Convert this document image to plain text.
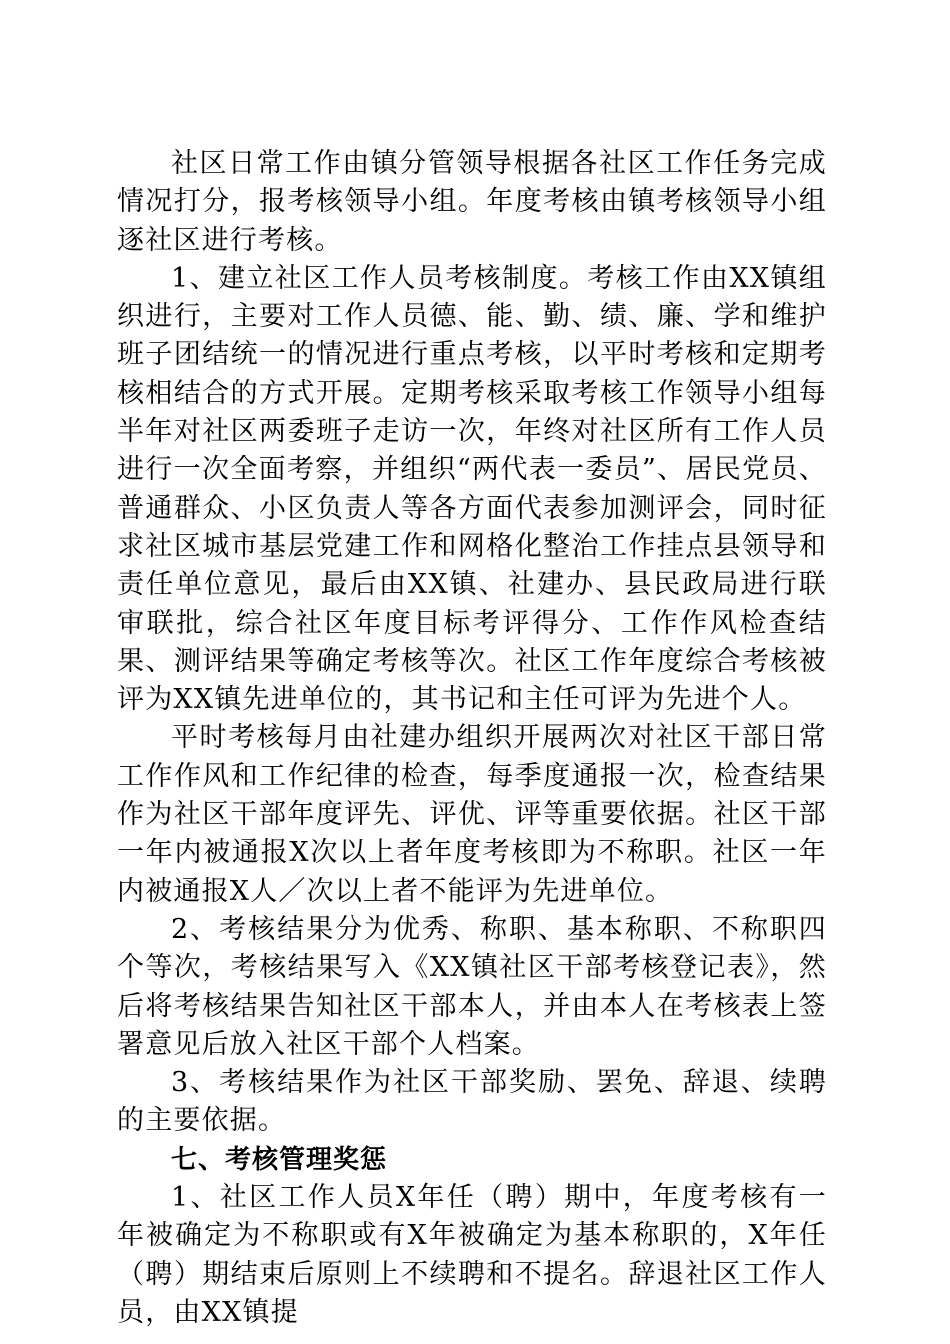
社区日常工作由镇分管领导根据各社区工作任务完成情况打分，报考核领导小组。年度考核由镇考核领导小组逐社区进行考核。

1、建立社区工作人员考核制度。考核工作由XX镇组织进行，主要对工作人员德、能、勤、绩、廉、学和维护班子团结统一的情况进行重点考核，以平时考核和定期考核相结合的方式开展。定期考核采取考核工作领导小组每半年对社区两委班子走访一次，年终对社区所有工作人员进行一次全面考察，并组织“两代表一委员”、居民党员、普通群众、小区负责人等各方面代表参加测评会，同时征求社区城市基层党建工作和网格化整治工作挂点县领导和责任单位意见，最后由XX镇、社建办、县民政局进行联审联批，综合社区年度目标考评得分、工作作风检查结果、测评结果等确定考核等次。社区工作年度综合考核被评为XX镇先进单位的，其书记和主任可评为先进个人。

平时考核每月由社建办组织开展两次对社区干部日常工作作风和工作纪律的检查，每季度通报一次，检查结果作为社区干部年度评先、评优、评等重要依据。社区干部一年内被通报X次以上者年度考核即为不称职。社区一年内被通报X人／次以上者不能评为先进单位。

2、考核结果分为优秀、称职、基本称职、不称职四个等次，考核结果写入《XX镇社区干部考核登记表》，然后将考核结果告知社区干部本人，并由本人在考核表上签署意见后放入社区干部个人档案。

3、考核结果作为社区干部奖励、罢免、辞退、续聘的主要依据。

七、考核管理奖惩

1、社区工作人员X年任（聘）期中，年度考核有一年被确定为不称职或有X年被确定为基本称职的，X年任（聘）期结束后原则上不续聘和不提名。辞退社区工作人员，由XX镇提
